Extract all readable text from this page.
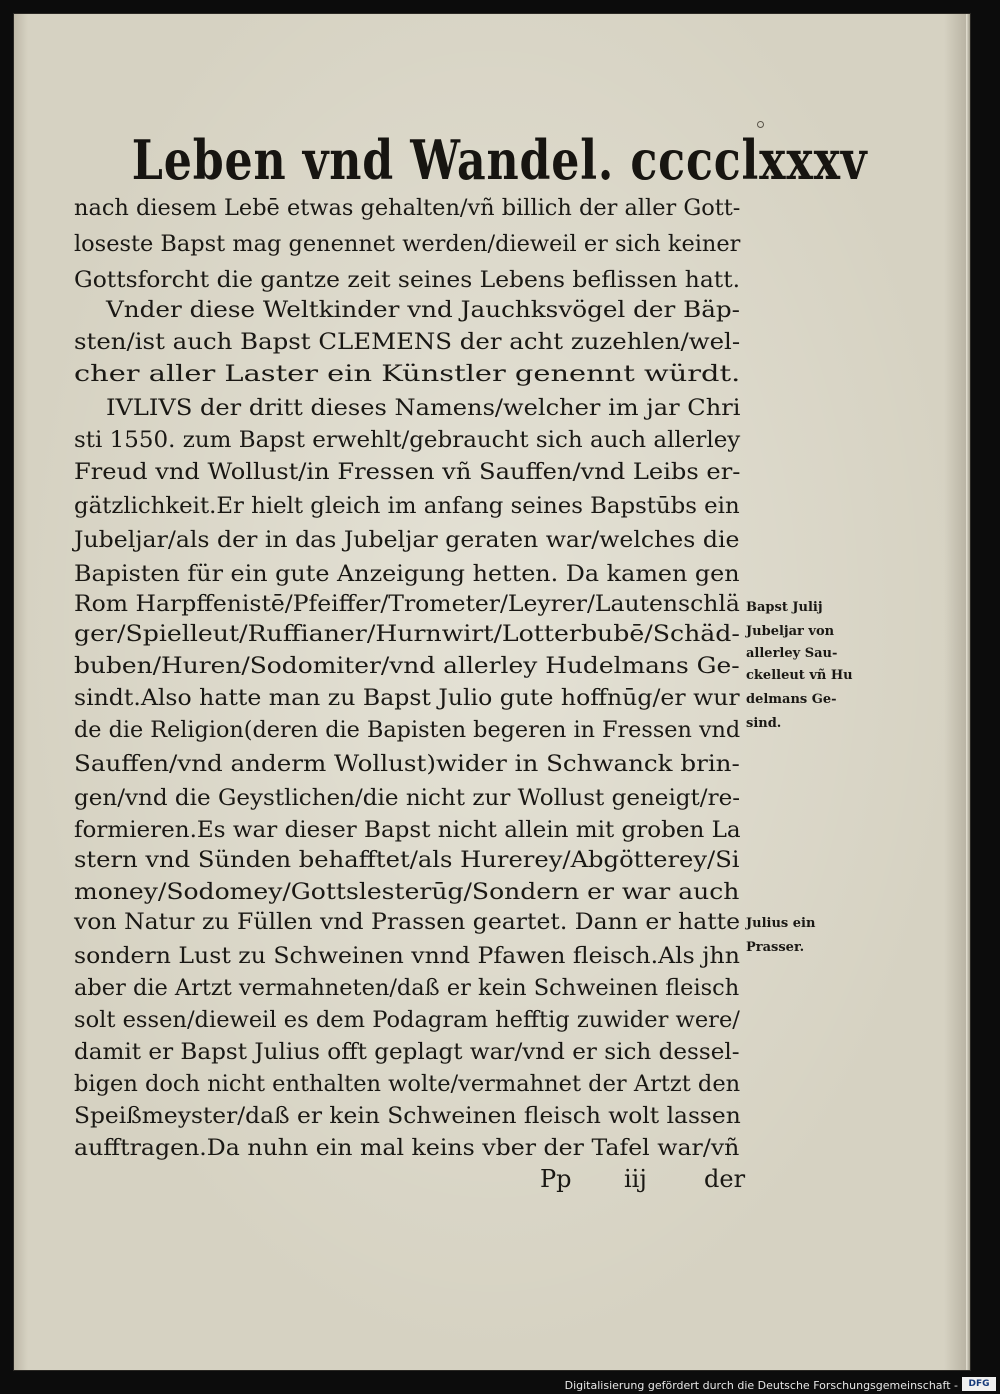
Leben vnd Wandel. cccclxxxv
nach diesem Lebē etwas gehalten/vñ billich der aller Gott-
loseste Bapst mag genennet werden/dieweil er sich keiner
Gottsforcht die gantze zeit seines Lebens beflissen hatt.
Vnder diese Weltkinder vnd Jauchksvögel der Bäp-
sten/ist auch Bapst CLEMENS der acht zuzehlen/wel-
cher aller Laster ein Künstler genennt würdt.
IVLIVS der dritt dieses Namens/welcher im jar Chri
sti 1550. zum Bapst erwehlt/gebraucht sich auch allerley
Freud vnd Wollust/in Fressen vñ Sauffen/vnd Leibs er-
gätzlichkeit.Er hielt gleich im anfang seines Bapstūbs ein
Jubeljar/als der in das Jubeljar geraten war/welches die
Bapisten für ein gute Anzeigung hetten. Da kamen gen
Rom Harpffenistē/Pfeiffer/Trometer/Leyrer/Lautenschlä
ger/Spielleut/Ruffianer/Hurnwirt/Lotterbubē/Schäd-
buben/Huren/Sodomiter/vnd allerley Hudelmans Ge-
sindt.Also hatte man zu Bapst Julio gute hoffnūg/er wur
de die Religion(deren die Bapisten begeren in Fressen vnd
Sauffen/vnd anderm Wollust)wider in Schwanck brin-
gen/vnd die Geystlichen/die nicht zur Wollust geneigt/re-
formieren.Es war dieser Bapst nicht allein mit groben La
stern vnd Sünden behafftet/als Hurerey/Abgötterey/Si
money/Sodomey/Gottslesterūg/Sondern er war auch
von Natur zu Füllen vnd Prassen geartet. Dann er hatte
sondern Lust zu Schweinen vnnd Pfawen fleisch.Als jhn
aber die Artzt vermahneten/daß er kein Schweinen fleisch
solt essen/dieweil es dem Podagram hefftig zuwider were/
damit er Bapst Julius offt geplagt war/vnd er sich dessel-
bigen doch nicht enthalten wolte/vermahnet der Artzt den
Speißmeyster/daß er kein Schweinen fleisch wolt lassen
aufftragen.Da nuhn ein mal keins vber der Tafel war/vñ
Bapst Julij
Jubeljar von
allerley Sau-
ckelleut vñ Hu
delmans Ge-
sind.
Julius ein
Prasser.
Pp iij der
Digitalisierung gefördert durch die Deutsche Forschungsgemeinschaft -	DFG
